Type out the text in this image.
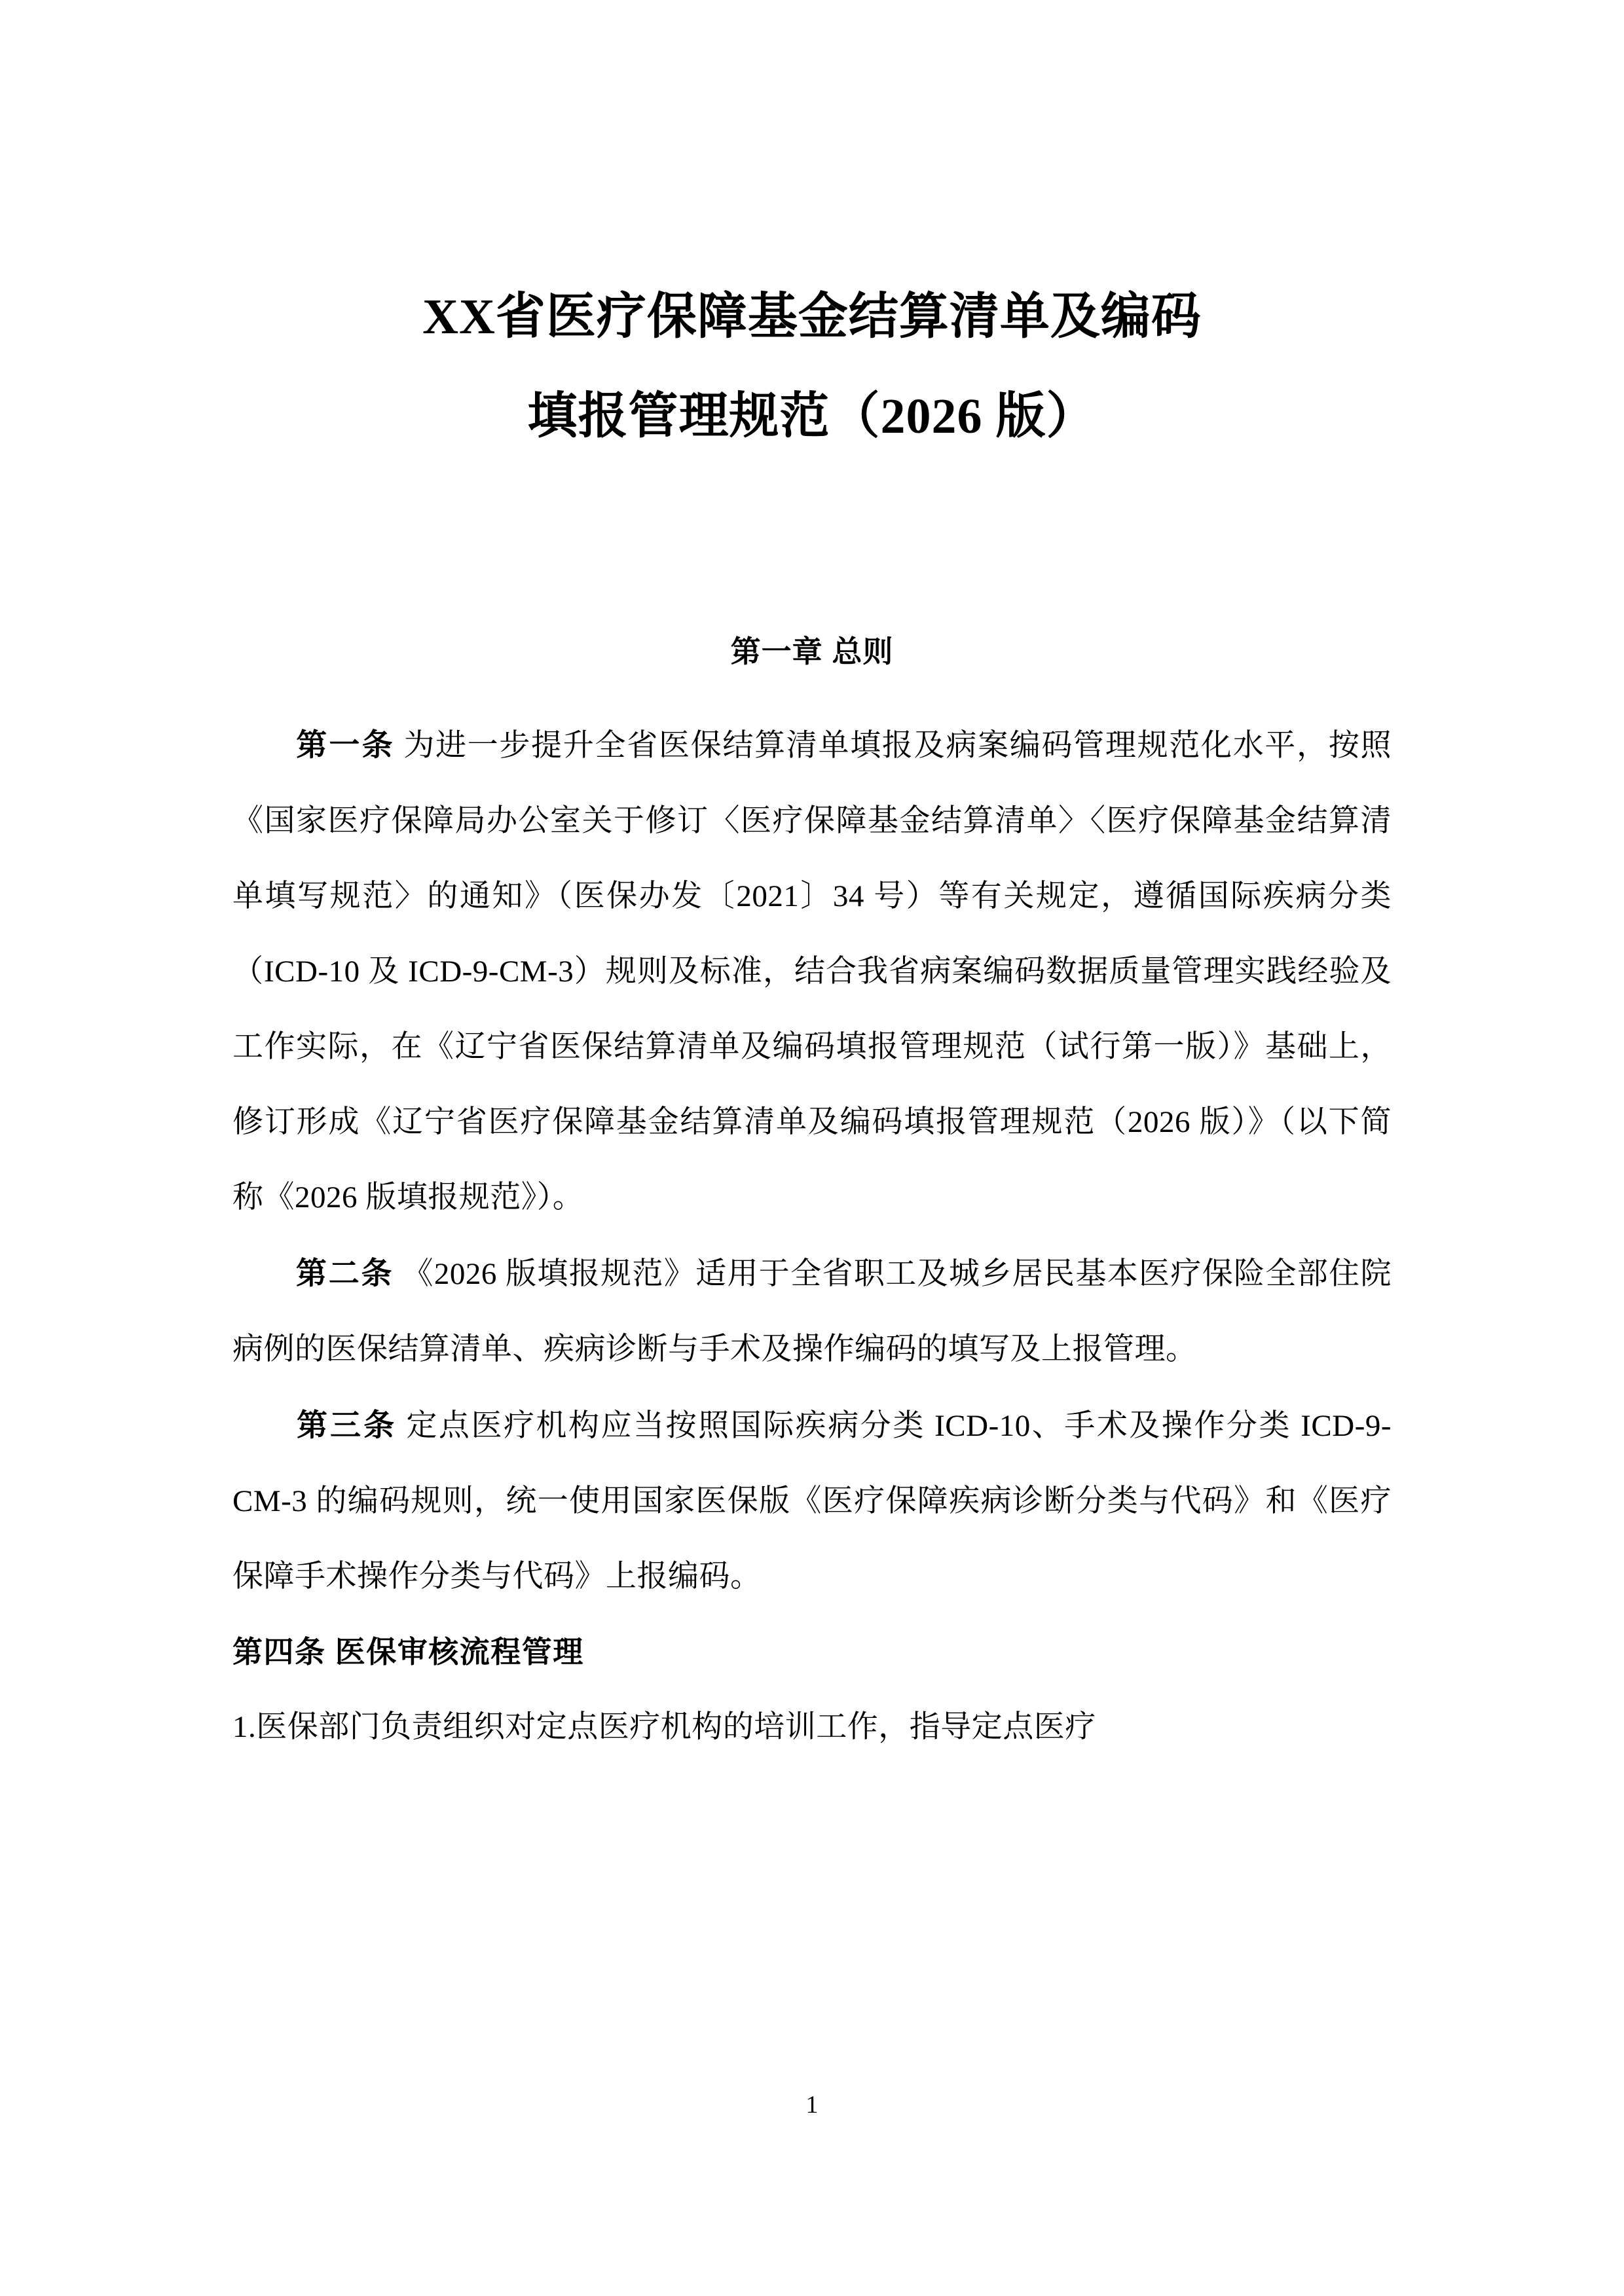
XX省医疗保障基金结算清单及编码
填报管理规范（2026 版）
第一章 总则

第一条 为进一步提升全省医保结算清单填报及病案编码管理规范化水平，按照《国家医疗保障局办公室关于修订〈医疗保障基金结算清单〉〈医疗保障基金结算清单填写规范〉的通知》（医保办发〔2021〕34 号）等有关规定，遵循国际疾病分类（ICD-10 及 ICD-9-CM-3）规则及标准，结合我省病案编码数据质量管理实践经验及工作实际，在《辽宁省医保结算清单及编码填报管理规范（试行第一版）》基础上，修订形成《辽宁省医疗保障基金结算清单及编码填报管理规范（2026 版）》（以下简称《2026 版填报规范》）。

第二条 《2026 版填报规范》适用于全省职工及城乡居民基本医疗保险全部住院病例的医保结算清单、疾病诊断与手术及操作编码的填写及上报管理。

第三条 定点医疗机构应当按照国际疾病分类 ICD-10、手术及操作分类 ICD-9-CM-3 的编码规则，统一使用国家医保版《医疗保障疾病诊断分类与代码》和《医疗保障手术操作分类与代码》上报编码。

第四条 医保审核流程管理

1.医保部门负责组织对定点医疗机构的培训工作，指导定点医疗

1
